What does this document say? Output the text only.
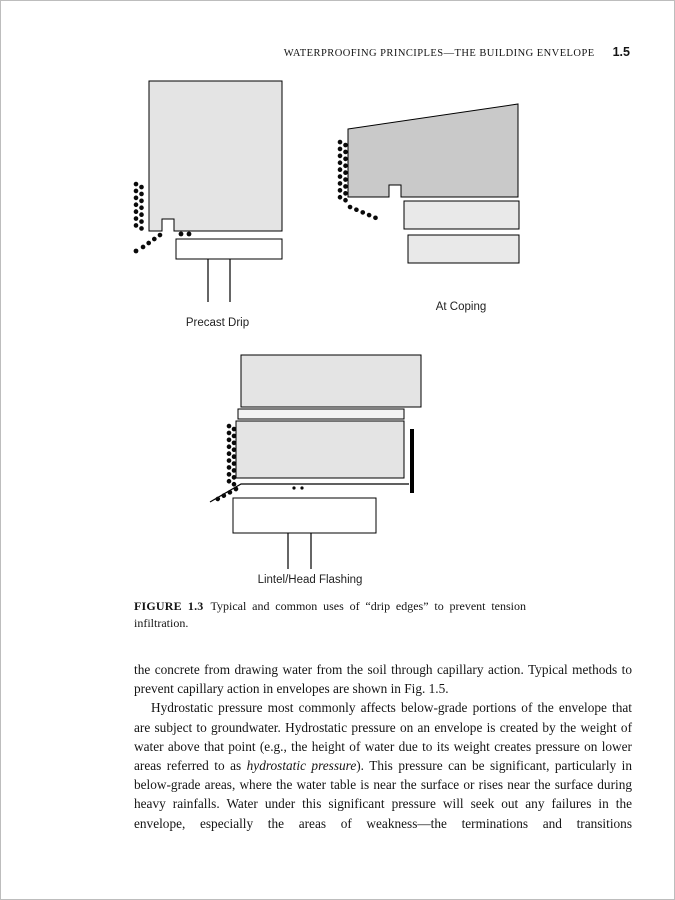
WATERPROOFING PRINCIPLES—THE BUILDING ENVELOPE 1.5
Precast Drip
At Coping
Lintel/Head Flashing
FIGURE 1.3 Typical and common uses of “drip edges” to prevent tension infiltration.

the concrete from drawing water from the soil through capillary action. Typical methods to prevent capillary action in envelopes are shown in Fig. 1.5.

Hydrostatic pressure most commonly affects below-grade portions of the envelope that are subject to groundwater. Hydrostatic pressure on an envelope is created by the weight of water above that point (e.g., the height of water due to its weight creates pressure on lower areas referred to as hydrostatic pressure). This pressure can be significant, particularly in below-grade areas, where the water table is near the surface or rises near the surface during heavy rainfalls. Water under this significant pressure will seek out any failures in the envelope, especially the areas of weakness—the terminations and transitions
